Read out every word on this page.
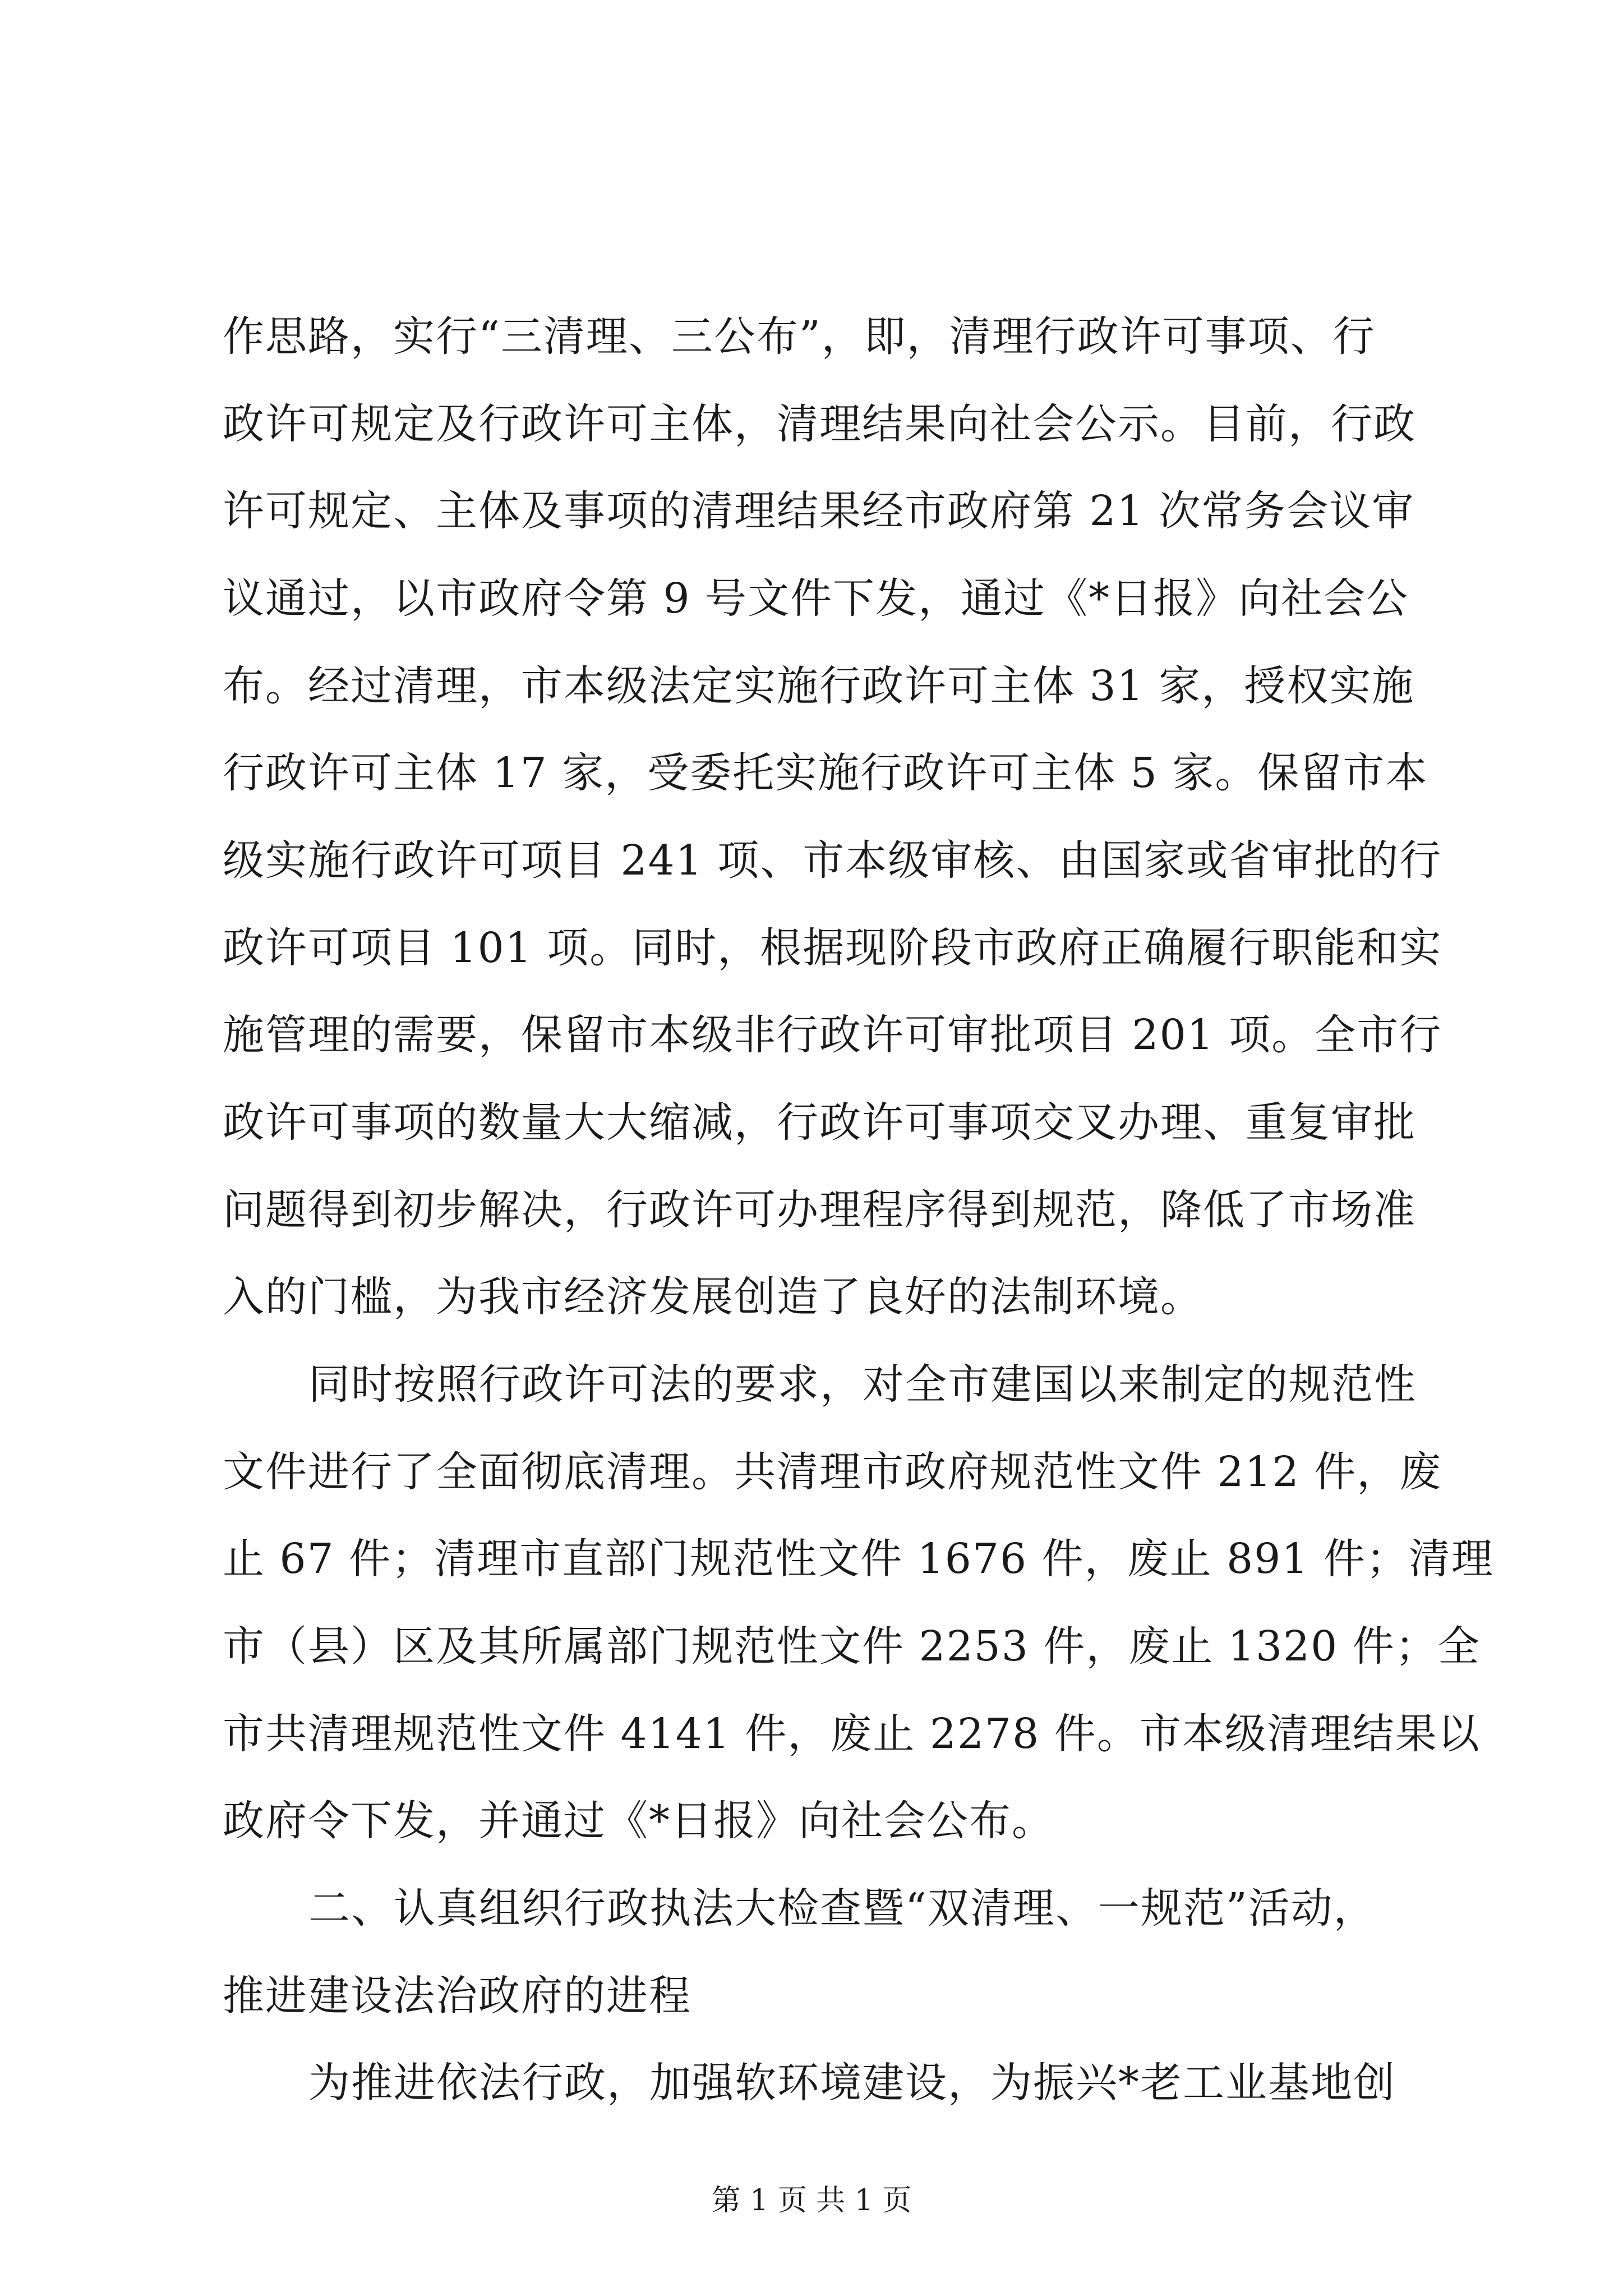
作思路，实行“三清理、三公布”，即，清理行政许可事项、行
政许可规定及行政许可主体，清理结果向社会公示。目前，行政
许可规定、主体及事项的清理结果经市政府第 21 次常务会议审
议通过，以市政府令第 9 号文件下发，通过《*日报》向社会公
布。经过清理，市本级法定实施行政许可主体 31 家，授权实施
行政许可主体 17 家，受委托实施行政许可主体 5 家。保留市本
级实施行政许可项目 241 项、市本级审核、由国家或省审批的行
政许可项目 101 项。同时，根据现阶段市政府正确履行职能和实
施管理的需要，保留市本级非行政许可审批项目 201 项。全市行
政许可事项的数量大大缩减，行政许可事项交叉办理、重复审批
问题得到初步解决，行政许可办理程序得到规范，降低了市场准
入的门槛，为我市经济发展创造了良好的法制环境。
同时按照行政许可法的要求，对全市建国以来制定的规范性
文件进行了全面彻底清理。共清理市政府规范性文件 212 件，废
止 67 件；清理市直部门规范性文件 1676 件，废止 891 件；清理
市（县）区及其所属部门规范性文件 2253 件，废止 1320 件；全
市共清理规范性文件 4141 件，废止 2278 件。市本级清理结果以
政府令下发，并通过《*日报》向社会公布。
二、认真组织行政执法大检查暨“双清理、一规范”活动，
推进建设法治政府的进程
为推进依法行政，加强软环境建设，为振兴*老工业基地创
第 1 页 共 1 页
